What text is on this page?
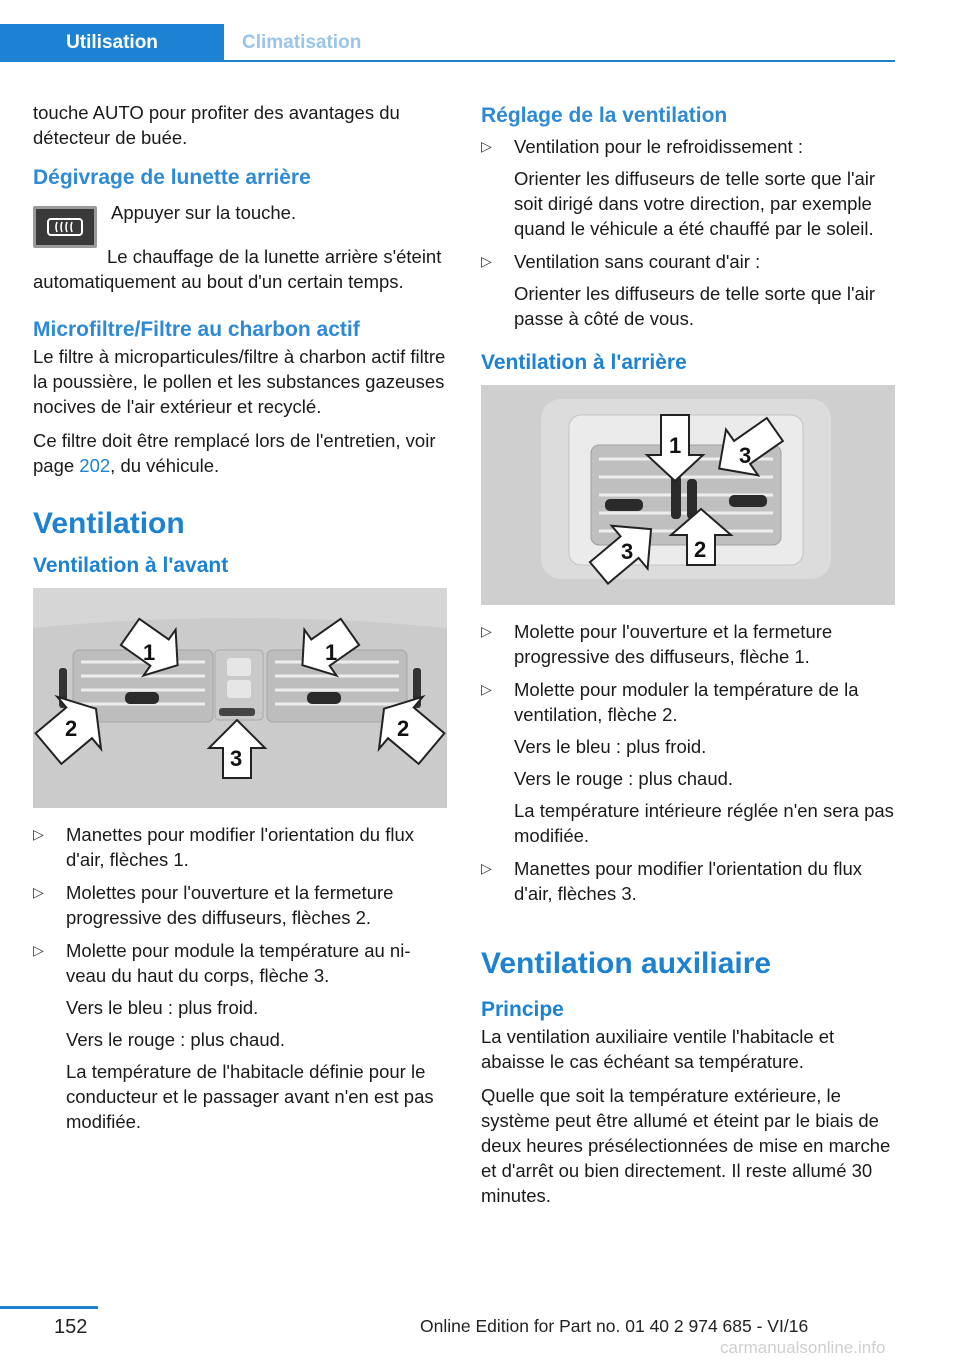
Utilisation	Climatisation

touche AUTO pour profiter des avantages du détecteur de buée.

Dégivrage de lunette arrière

Appuyer sur la touche.

Le chauffage de la lunette arrière s'éteint automatiquement au bout d'un certain temps.

Microfiltre/Filtre au charbon actif

Le filtre à microparticules/filtre à charbon actif filtre la poussière, le pollen et les substances gazeuses nocives de l'air extérieur et recyclé.

Ce filtre doit être remplacé lors de l'entretien, voir page 202, du véhicule.

Ventilation
Ventilation à l'avant
1	1
2	2
3

▷ Manettes pour modifier l'orientation du flux d'air, flèches 1.

▷ Molettes pour l'ouverture et la fermeture progressive des diffuseurs, flèches 2.

▷ Molette pour module la température au ni‐veau du haut du corps, flèche 3.

Vers le bleu : plus froid.

Vers le rouge : plus chaud.

La température de l'habitacle définie pour le conducteur et le passager avant n'en est pas modifiée.

Réglage de la ventilation

▷ Ventilation pour le refroidissement :

Orienter les diffuseurs de telle sorte que l'air soit dirigé dans votre direction, par exemple quand le véhicule a été chauffé par le soleil.

▷ Ventilation sans courant d'air :

Orienter les diffuseurs de telle sorte que l'air passe à côté de vous.

Ventilation à l'arrière
1	3
3	2

▷ Molette pour l'ouverture et la fermeture progressive des diffuseurs, flèche 1.

▷ Molette pour moduler la température de la ventilation, flèche 2.

Vers le bleu : plus froid.

Vers le rouge : plus chaud.

La température intérieure réglée n'en sera pas modifiée.

▷ Manettes pour modifier l'orientation du flux d'air, flèches 3.

Ventilation auxiliaire
Principe

La ventilation auxiliaire ventile l'habitacle et abaisse le cas échéant sa température.

Quelle que soit la température extérieure, le système peut être allumé et éteint par le biais de deux heures présélectionnées de mise en marche et d'arrêt ou bien directement. Il reste allumé 30 minutes.

152	Online Edition for Part no. 01 40 2 974 685 - VI/16
carmanualsonline.info
